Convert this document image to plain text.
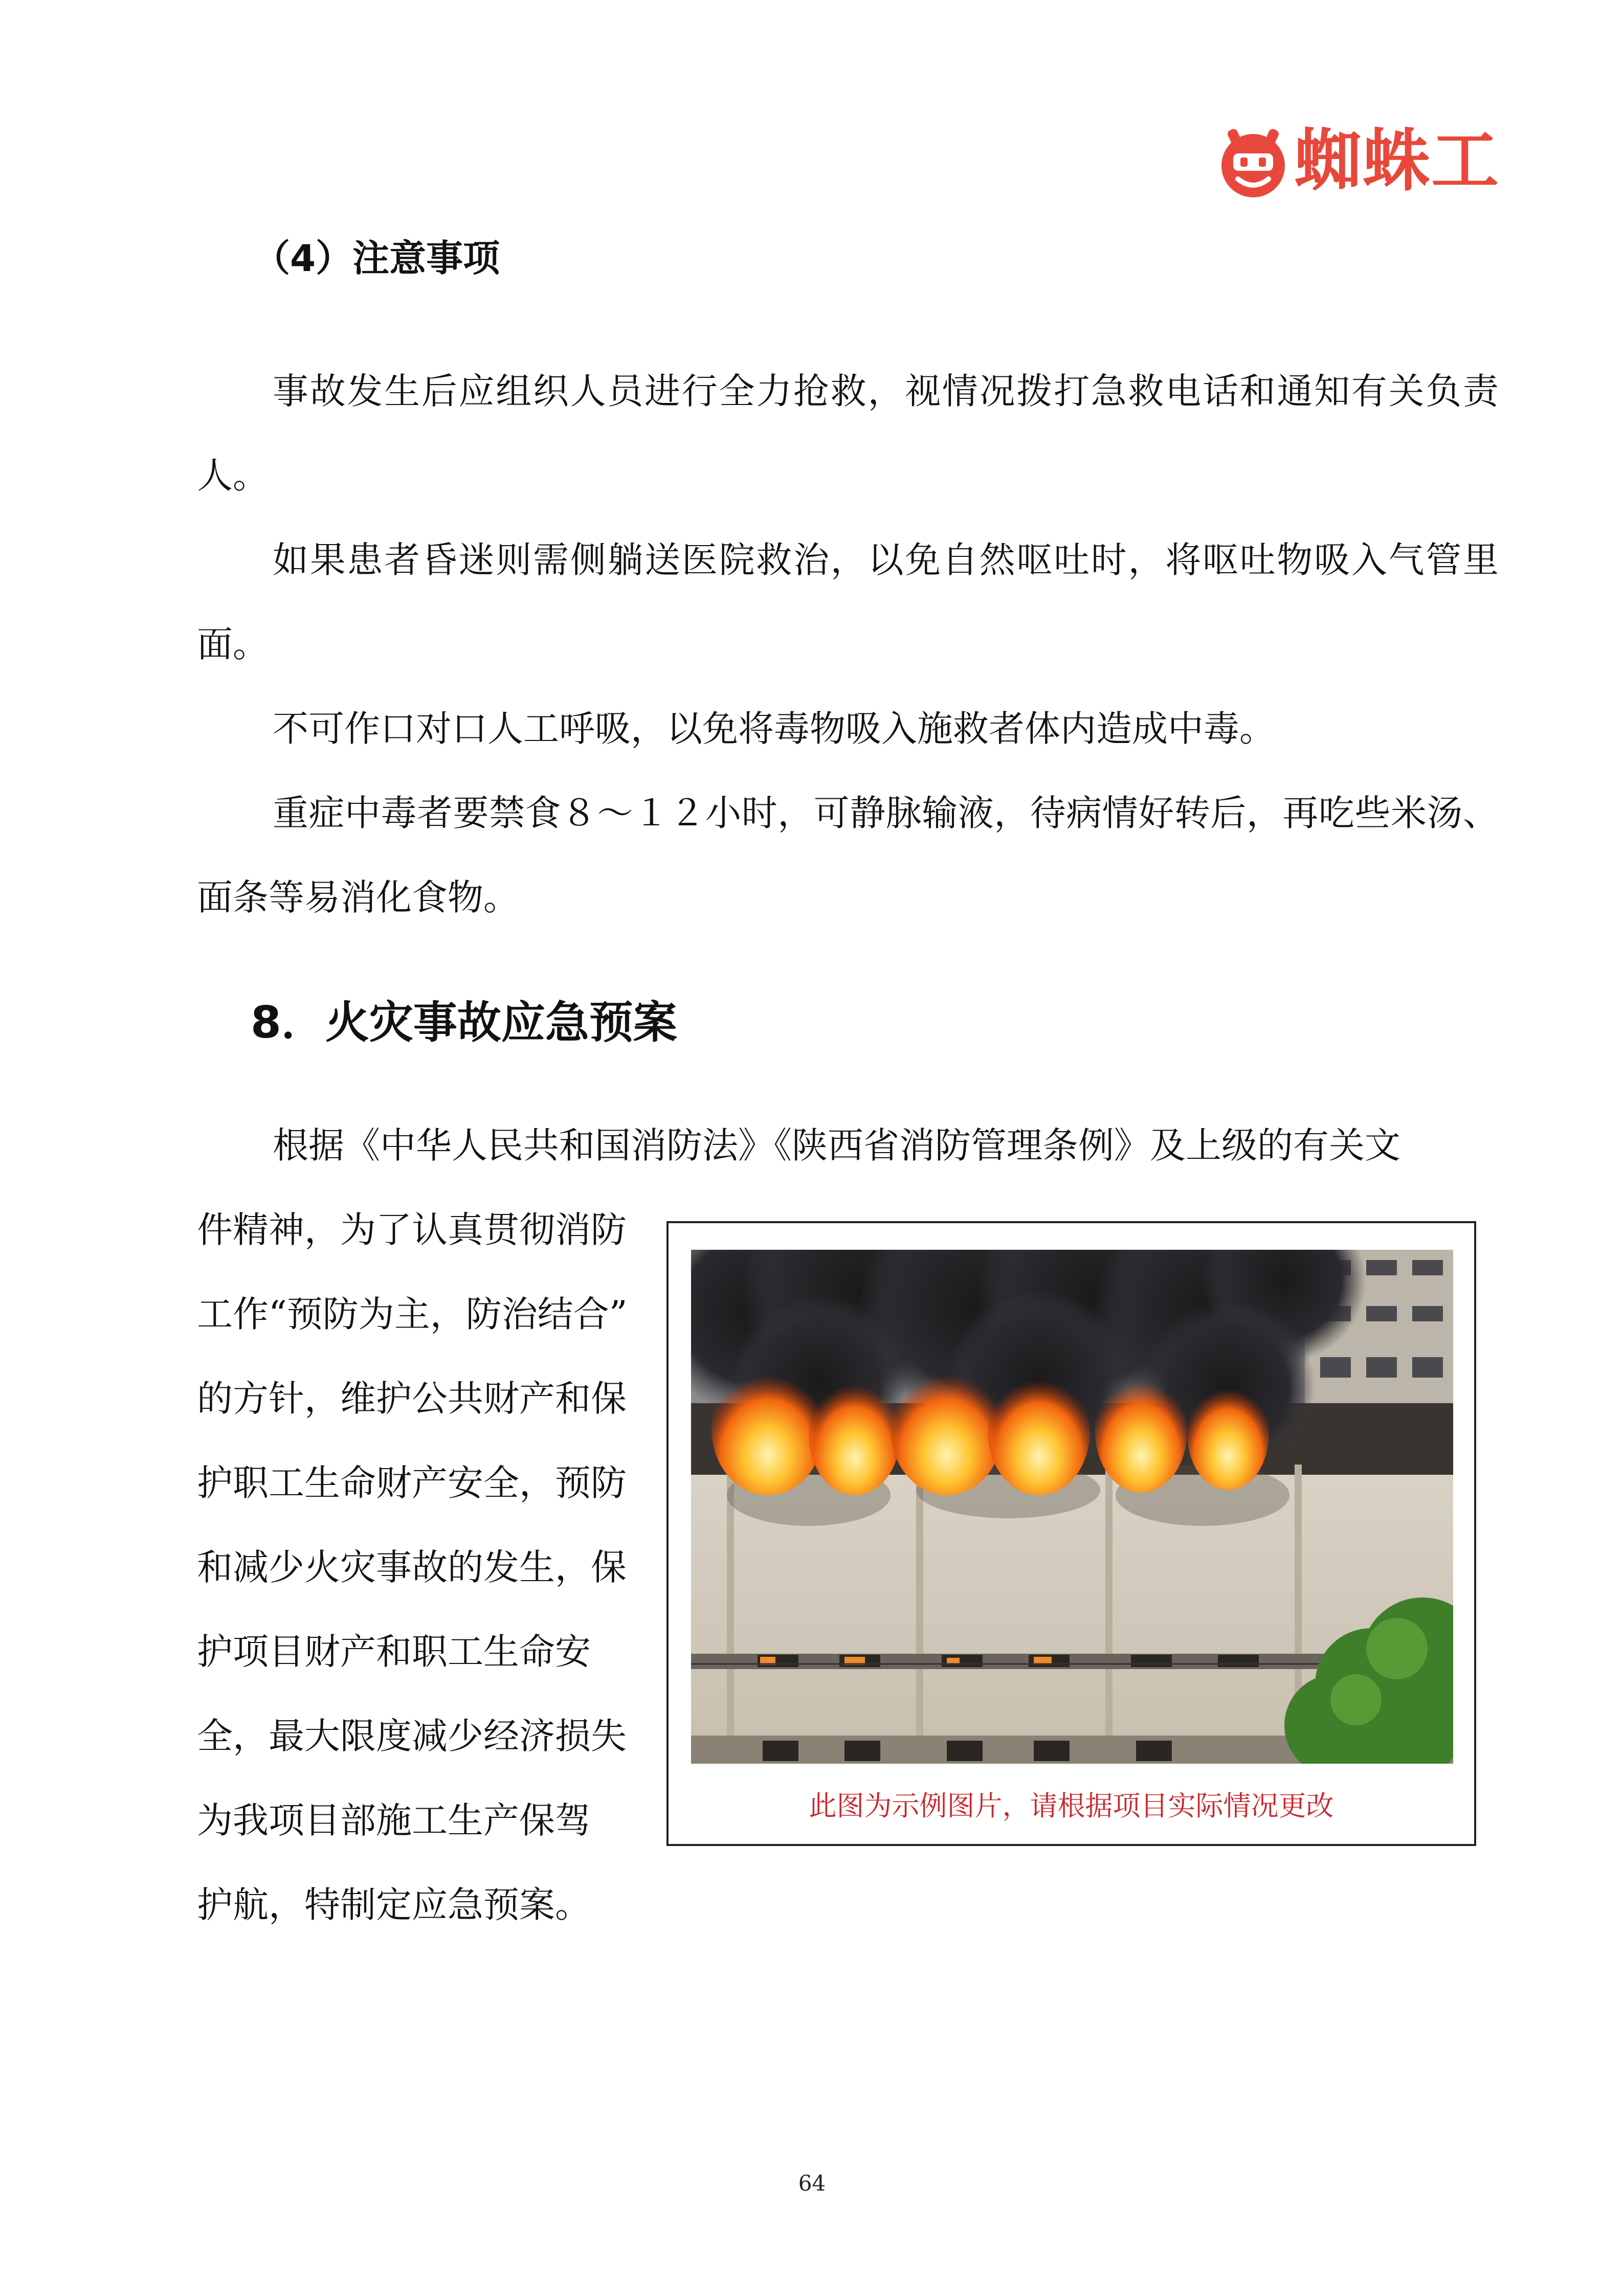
蜘蛛工
（4）注意事项

事故发生后应组织人员进行全力抢救，视情况拨打急救电话和通知有关负责人。

如果患者昏迷则需侧躺送医院救治，以免自然呕吐时，将呕吐物吸入气管里面。

不可作口对口人工呼吸，以免将毒物吸入施救者体内造成中毒。

重症中毒者要禁食８～１２小时，可静脉输液，待病情好转后，再吃些米汤、面条等易消化食物。

8．火灾事故应急预案

根据《中华人民共和国消防法》《陕西省消防管理条例》及上级的有关文

件精神，为了认真贯彻消防

工作“预防为主，防治结合”

的方针，维护公共财产和保

护职工生命财产安全，预防

和减少火灾事故的发生，保

护项目财产和职工生命安

全，最大限度减少经济损失

为我项目部施工生产保驾

护航，特制定应急预案。

此图为示例图片，请根据项目实际情况更改
64
